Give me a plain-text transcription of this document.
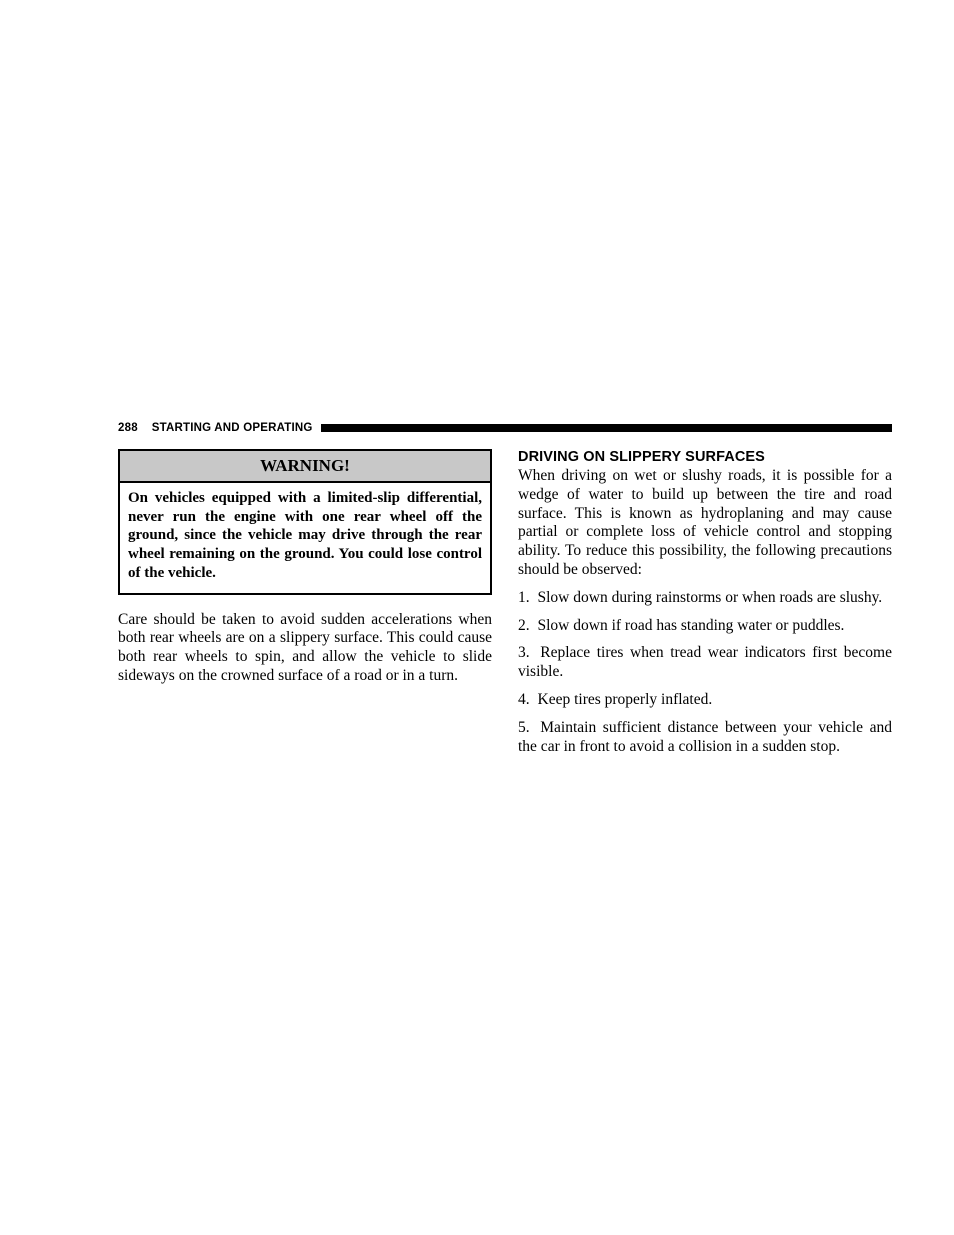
288 STARTING AND OPERATING
WARNING!
On vehicles equipped with a limited-slip differential, never run the engine with one rear wheel off the ground, since the vehicle may drive through the rear wheel remaining on the ground. You could lose control of the vehicle.

Care should be taken to avoid sudden accelerations when both rear wheels are on a slippery surface. This could cause both rear wheels to spin, and allow the vehicle to slide sideways on the crowned surface of a road or in a turn.

DRIVING ON SLIPPERY SURFACES

When driving on wet or slushy roads, it is possible for a wedge of water to build up between the tire and road surface. This is known as hydroplaning and may cause partial or complete loss of vehicle control and stopping ability. To reduce this possibility, the following precautions should be observed:

1. Slow down during rainstorms or when roads are slushy.

2. Slow down if road has standing water or puddles.

3. Replace tires when tread wear indicators first become visible.

4. Keep tires properly inflated.

5. Maintain sufficient distance between your vehicle and the car in front to avoid a collision in a sudden stop.
